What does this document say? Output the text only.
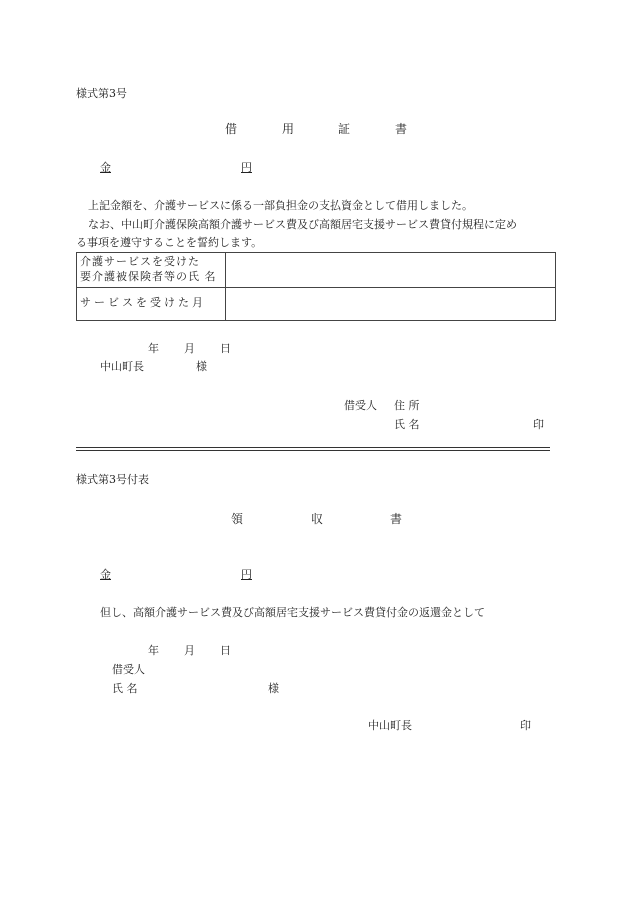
様式第3号
借	用	証	書
金	円
上記金額を、介護サービスに係る一部負担金の支払資金として借用しました。
なお、中山町介護保険高額介護サービス費及び高額居宅支援サービス費貸付規程に定め
る事項を遵守することを誓約します。
介護サービスを受けた
要介護被保険者等の氏 名	

サービスを受けた月	
年 月 日
中山町長	様
借受人 住 所
氏 名	印
様式第3号付表
領	収	書
金	円
但し、高額介護サービス費及び高額居宅支援サービス費貸付金の返還金として
年 月 日
借受人
氏 名	様
中山町長	印
